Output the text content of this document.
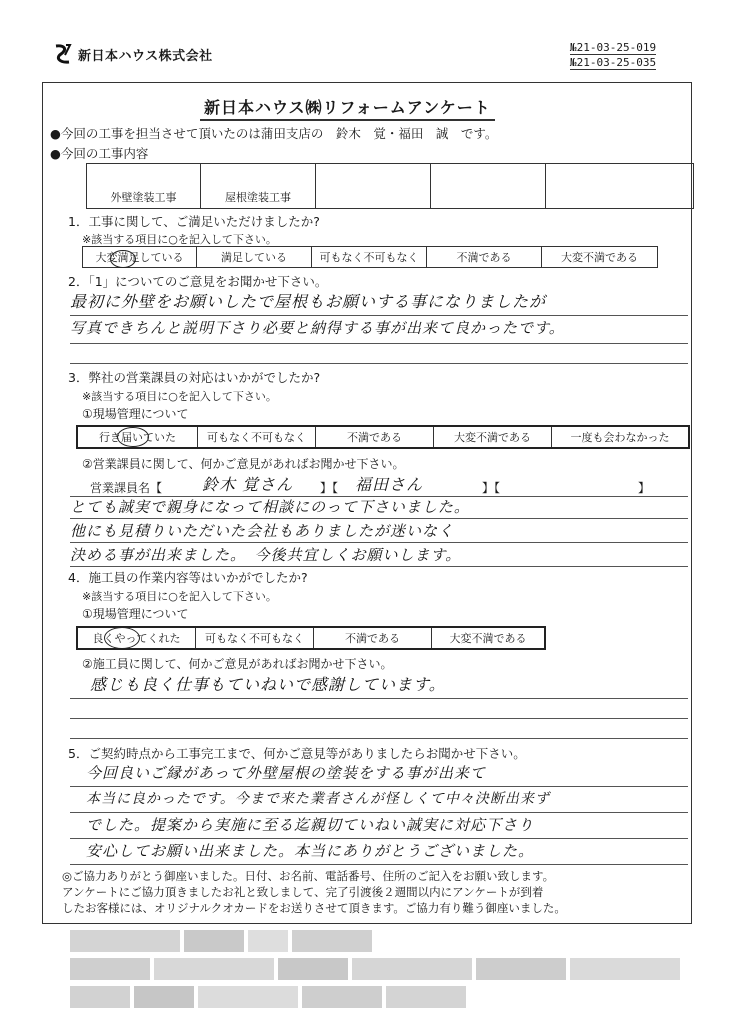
新日本ハウス株式会社
№21-03-25-019
№21-03-25-035
新日本ハウス㈱リフォームアンケート
●今回の工事を担当させて頂いたのは蒲田支店の　鈴木　覚・福田　誠　です。
●今回の工事内容
外壁塗装工事	屋根塗装工事
1．工事に関して、ご満足いただけましたか?
※該当する項目に○を記入して下さい。
大変満足している	満足している	可もなく不可もなく	不満である	大変不満である
2．「1」についてのご意見をお聞かせ下さい。
最初に外壁をお願いしたで屋根もお願いする事になりましたが
写真できちんと説明下さり必要と納得する事が出来て良かったです。
3．弊社の営業課員の対応はいかがでしたか?
※該当する項目に○を記入して下さい。
①現場管理について
行き届いていた	可もなく不可もなく	不満である	大変不満である	一度も会わなかった
②営業課員に関して、何かご意見があればお聞かせ下さい。
営業課員名【 鈴木 覚さん 】【 福田さん	】【	】
とても誠実で親身になって相談にのって下さいました。
他にも見積りいただいた会社もありましたが迷いなく
決める事が出来ました。　今後共宜しくお願いします。
4．施工員の作業内容等はいかがでしたか?
※該当する項目に○を記入して下さい。
①現場管理について
良くやってくれた	可もなく不可もなく	不満である	大変不満である
②施工員に関して、何かご意見があればお聞かせ下さい。
感じも良く仕事もていねいで感謝しています。
5．ご契約時点から工事完工まで、何かご意見等がありましたらお聞かせ下さい。
今回良いご縁があって外壁屋根の塗装をする事が出来て
本当に良かったです。今まで来た業者さんが怪しくて中々決断出来ず
でした。提案から実施に至る迄親切ていねい誠実に対応下さり
安心してお願い出来ました。本当にありがとうございました。
◎ご協力ありがとう御座いました。日付、お名前、電話番号、住所のご記入をお願い致します。
アンケートにご協力頂きましたお礼と致しまして、完了引渡後２週間以内にアンケートが到着
したお客様には、オリジナルクオカードをお送りさせて頂きます。ご協力有り難う御座いました。
